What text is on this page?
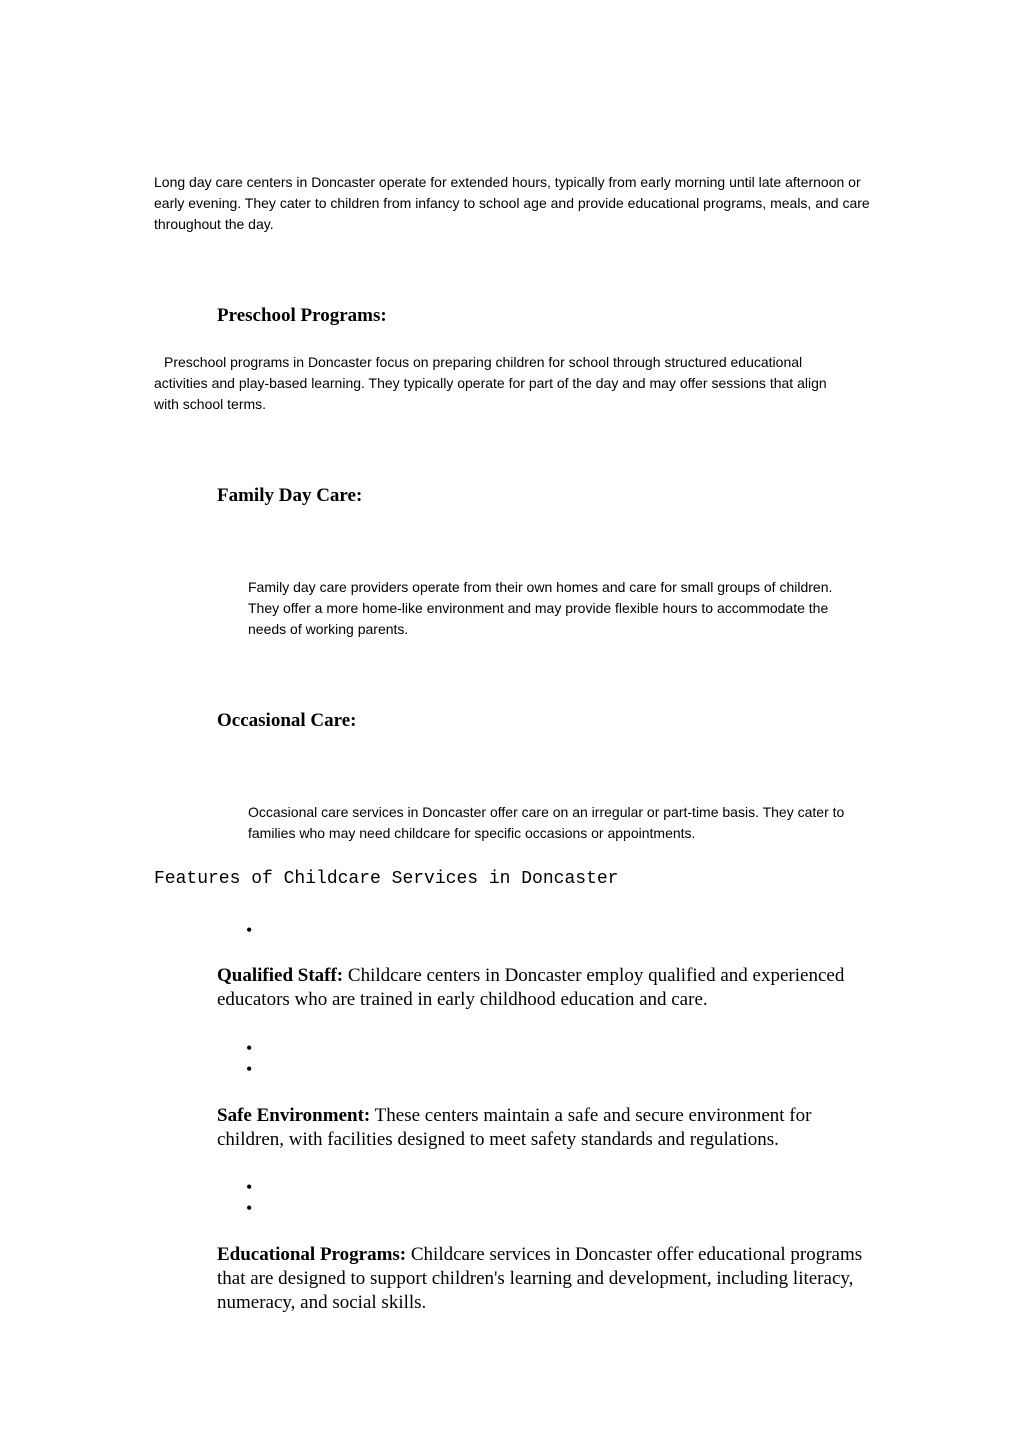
Long day care centers in Doncaster operate for extended hours, typically from early morning until late afternoon or early evening. They cater to children from infancy to school age and provide educational programs, meals, and care throughout the day.
Preschool Programs:
Preschool programs in Doncaster focus on preparing children for school through structured educational activities and play-based learning. They typically operate for part of the day and may offer sessions that align with school terms.
Family Day Care:
Family day care providers operate from their own homes and care for small groups of children. They offer a more home-like environment and may provide flexible hours to accommodate the needs of working parents.
Occasional Care:
Occasional care services in Doncaster offer care on an irregular or part-time basis. They cater to families who may need childcare for specific occasions or appointments.
Features of Childcare Services in Doncaster
•
Qualified Staff: Childcare centers in Doncaster employ qualified and experienced educators who are trained in early childhood education and care.
•
•
Safe Environment: These centers maintain a safe and secure environment for children, with facilities designed to meet safety standards and regulations.
•
•
Educational Programs: Childcare services in Doncaster offer educational programs that are designed to support children's learning and development, including literacy, numeracy, and social skills.
